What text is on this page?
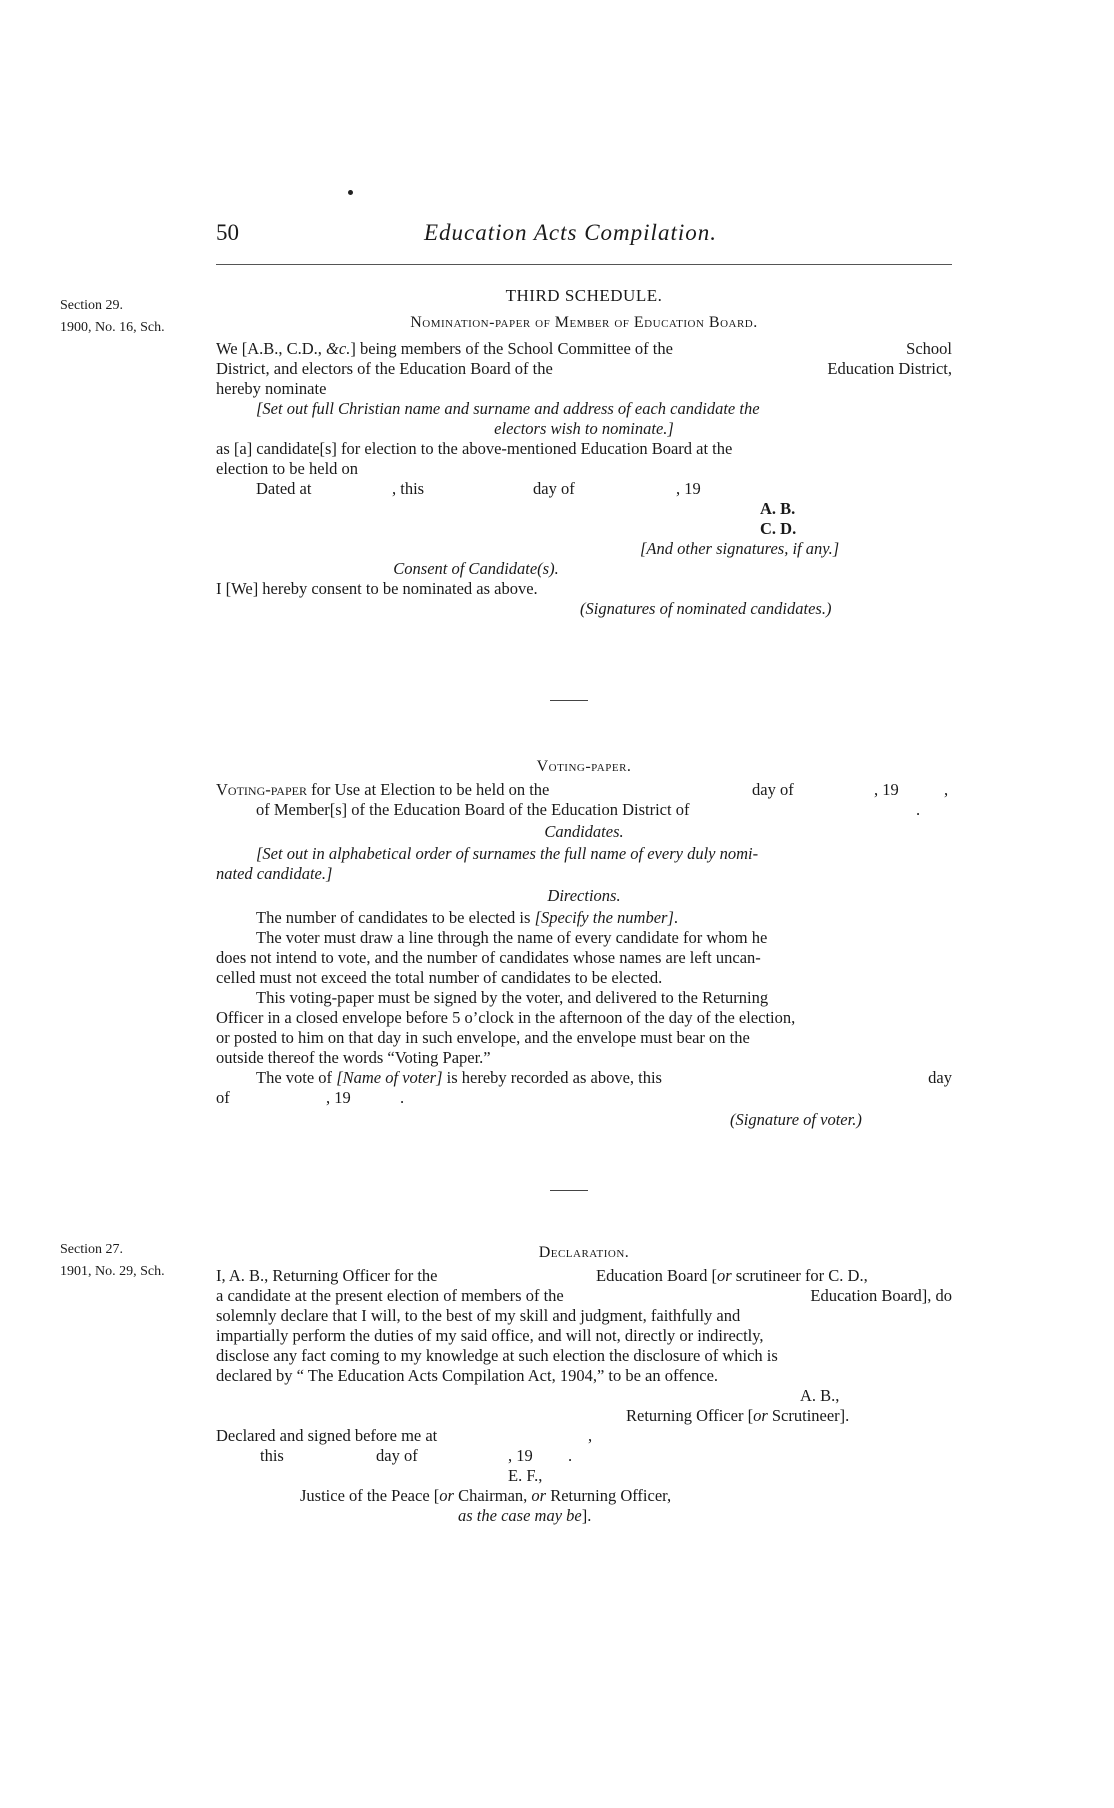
50	Education Acts Compilation.
Section 29.
1900, No. 16, Sch.
THIRD SCHEDULE.
Nomination-paper of Member of Education Board.
We [A.B., C.D., &c.] being members of the School Committee of the	School
District, and electors of the Education Board of the	Education District,
hereby nominate
[Set out full Christian name and surname and address of each candidate the
electors wish to nominate.]
as [a] candidate[s] for election to the above-mentioned Education Board at the
election to be held on
Dated at	, this	day of	, 19
A. B.
C. D.
[And other signatures, if any.]
Consent of Candidate(s).
I [We] hereby consent to be nominated as above.
(Signatures of nominated candidates.)
Voting-paper.
Voting-paper for Use at Election to be held on the	day of	, 19	,
of Member[s] of the Education Board of the Education District of	.
Candidates.
[Set out in alphabetical order of surnames the full name of every duly nomi-
nated candidate.]
Directions.
The number of candidates to be elected is [Specify the number].
The voter must draw a line through the name of every candidate for whom he
does not intend to vote, and the number of candidates whose names are left uncan-
celled must not exceed the total number of candidates to be elected.
This voting-paper must be signed by the voter, and delivered to the Returning
Officer in a closed envelope before 5 o’clock in the afternoon of the day of the election,
or posted to him on that day in such envelope, and the envelope must bear on the
outside thereof the words “Voting Paper.”
The vote of [Name of voter] is hereby recorded as above, this	day
of	, 19	.
(Signature of voter.)
Section 27.
1901, No. 29, Sch.
Declaration.
I, A. B., Returning Officer for the	Education Board [or scrutineer for C. D.,
a candidate at the present election of members of the	Education Board], do
solemnly declare that I will, to the best of my skill and judgment, faithfully and
impartially perform the duties of my said office, and will not, directly or indirectly,
disclose any fact coming to my knowledge at such election the disclosure of which is
declared by “ The Education Acts Compilation Act, 1904,” to be an offence.
A. B.,
Returning Officer [or Scrutineer].
Declared and signed before me at	,
this	day of	, 19 .
E. F.,
Justice of the Peace [or Chairman, or Returning Officer,
as the case may be].
